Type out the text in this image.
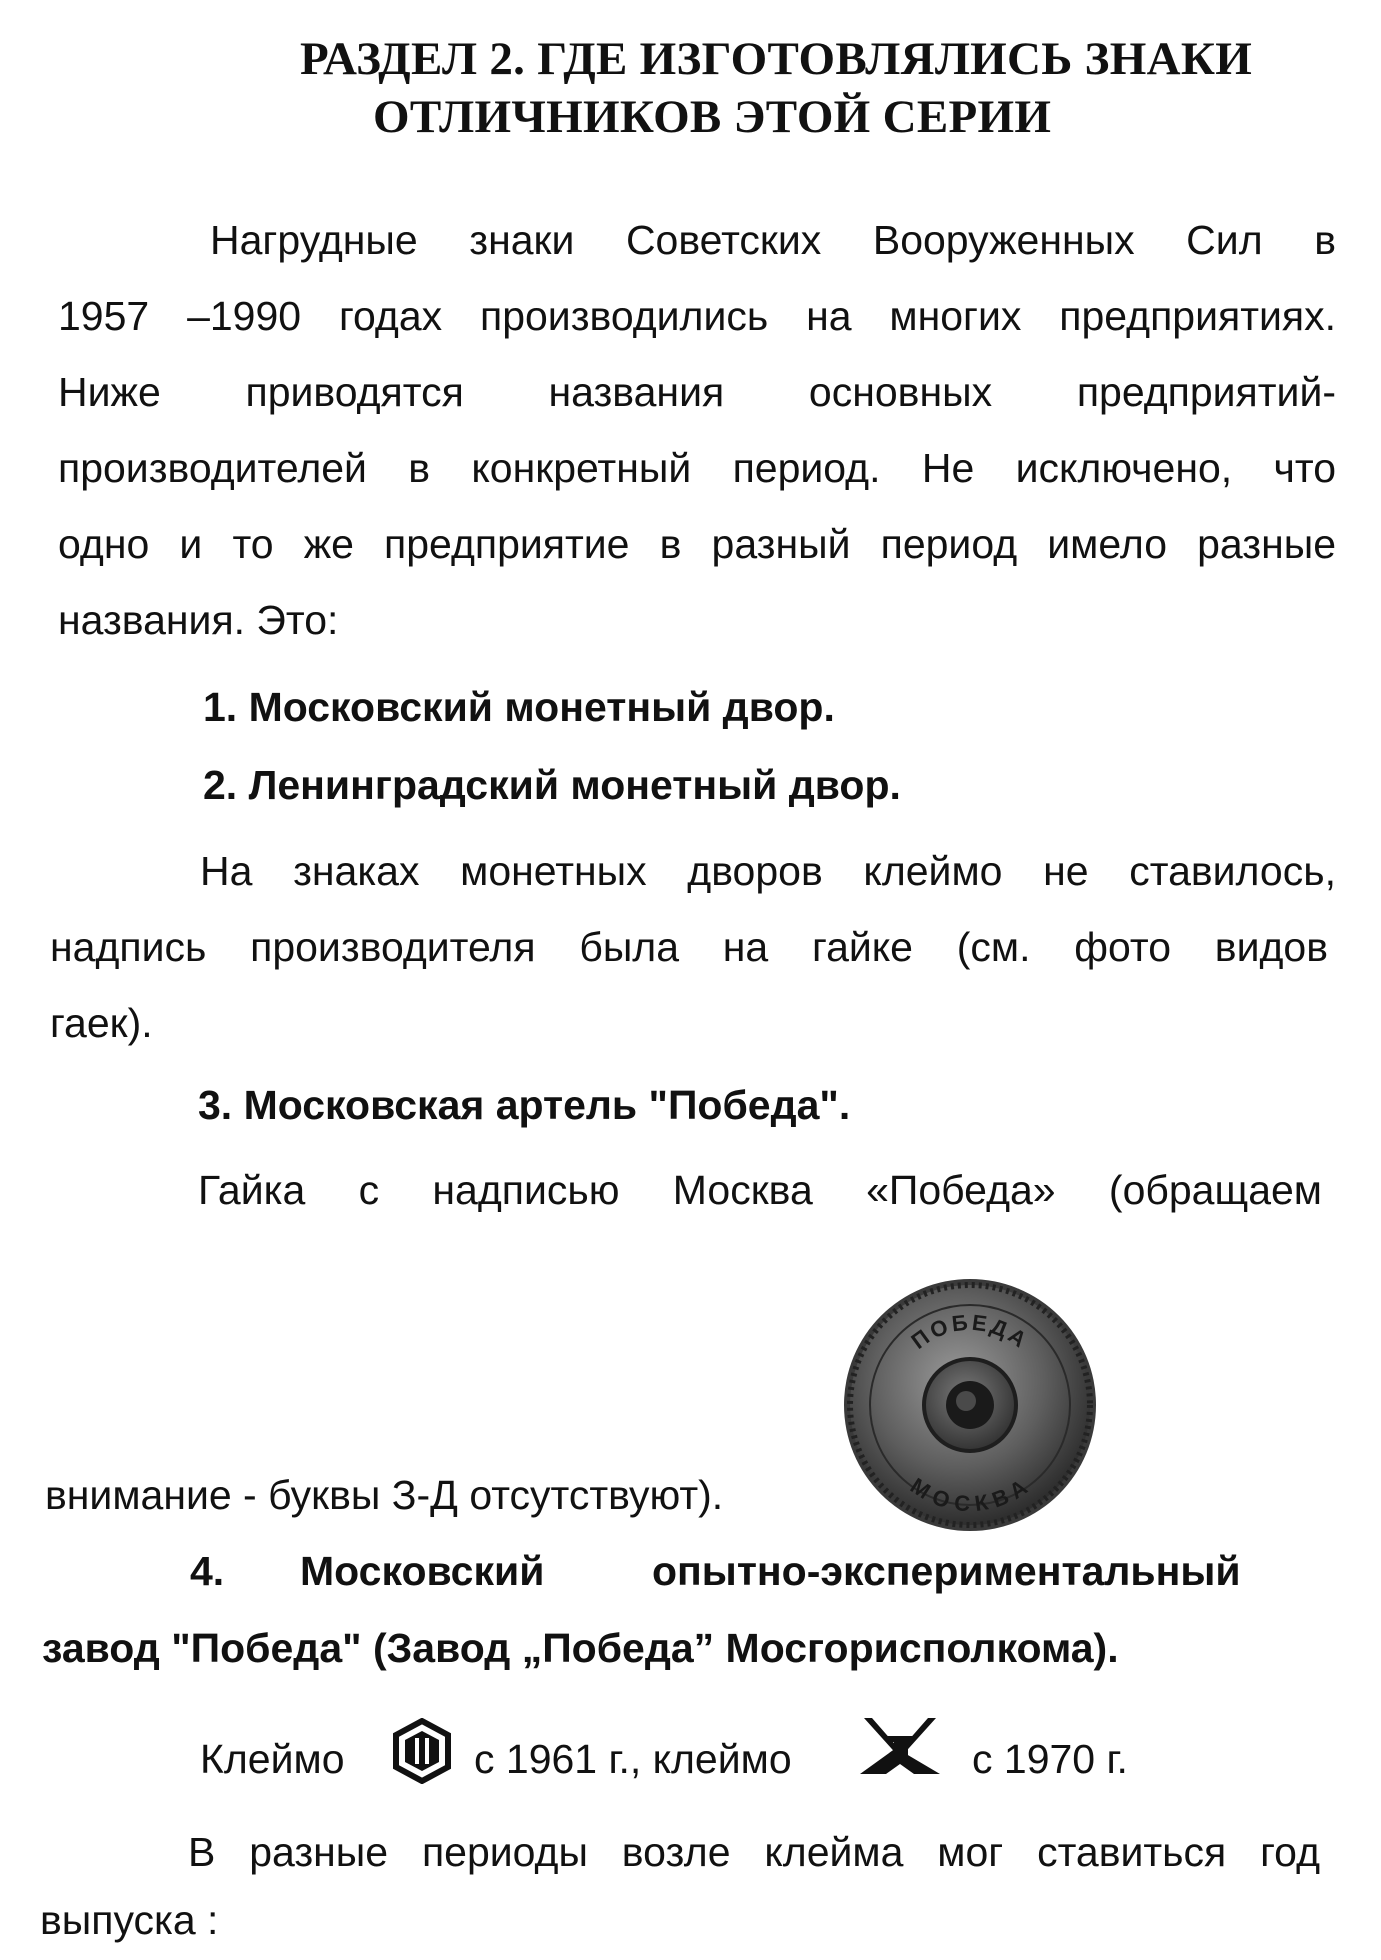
РАЗДЕЛ 2. ГДЕ ИЗГОТОВЛЯЛИСЬ ЗНАКИ
ОТЛИЧНИКОВ ЭТОЙ СЕРИИ
Нагрудные знаки Советских Вооруженных Сил в
1957 –1990 годах производились на многих предприятиях.
Ниже приводятся названия основных предприятий-
производителей в конкретный период. Не исключено, что
одно и то же предприятие в разный период имело разные
названия. Это:
1. Московский монетный двор.
2. Ленинградский монетный двор.
На знаках монетных дворов клеймо не ставилось,
надпись производителя была на гайке (см. фото видов
гаек).
3. Московская артель "Победа".
Гайка с надписью Москва «Победа» (обращаем
ПОБЕДА
МОСКВА
внимание - буквы З-Д отсутствуют).
4. Московский	опытно-экспериментальный
завод "Победа" (Завод „Победа” Мосгорисполкома).
Клеймо	с 1961 г., клеймо	с 1970 г.
В разные периоды возле клейма мог ставиться год
выпуска :
